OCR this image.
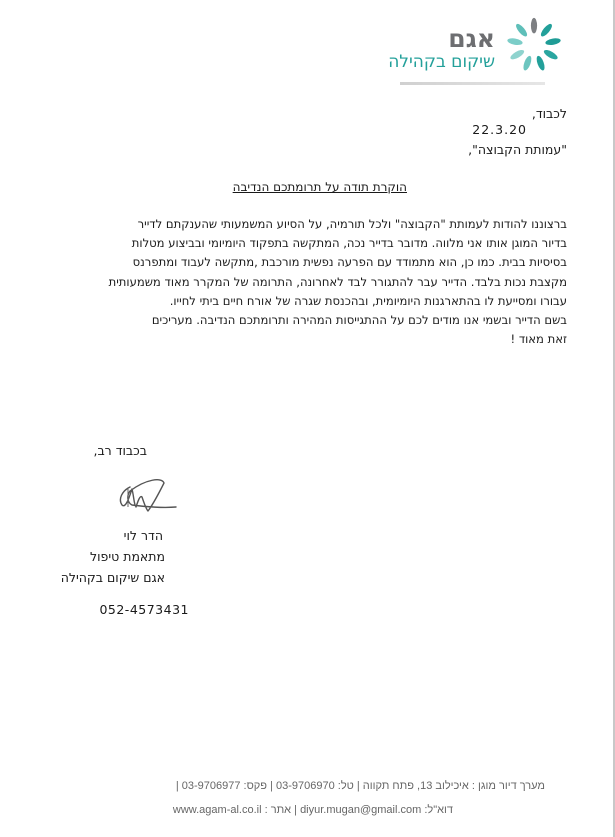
אגם
שיקום בקהילה
לכבוד,
22.3.20
"עמותת הקבוצה",
הוקרת תודה על תרומתכם הנדיבה
ברצוננו להודות לעמותת "הקבוצה" ולכל תורמיה, על הסיוע המשמעותי שהענקתם לדייר
בדיור המוגן אותו אני מלווה. מדובר בדייר נכה, המתקשה בתפקוד היומיומי ובביצוע מטלות
בסיסיות בבית. כמו כן, הוא מתמודד עם הפרעה נפשית מורכבת ,מתקשה לעבוד ומתפרנס
מקצבת נכות בלבד. הדייר עבר להתגורר לבד לאחרונה, התרומה של המקרר מאוד משמעותית
עבורו ומסייעת לו בהתארגנות היומיומית, ובהכנסת שגרה של אורח חיים ביתי לחייו.
בשם הדייר ובשמי אנו מודים לכם על ההתגייסות המהירה ותרומתכם הנדיבה. מעריכים
זאת מאוד !
בכבוד רב,
הדר לוי
מתאמת טיפול
אגם שיקום בקהילה
052-4573431
מערך דיור מוגן : איכילוב 13, פתח תקווה | טל: 03-9706970 | פקס: 03-9706977 |
דוא"ל: diyur.mugan@gmail.com | אתר : www.agam-al.co.il
